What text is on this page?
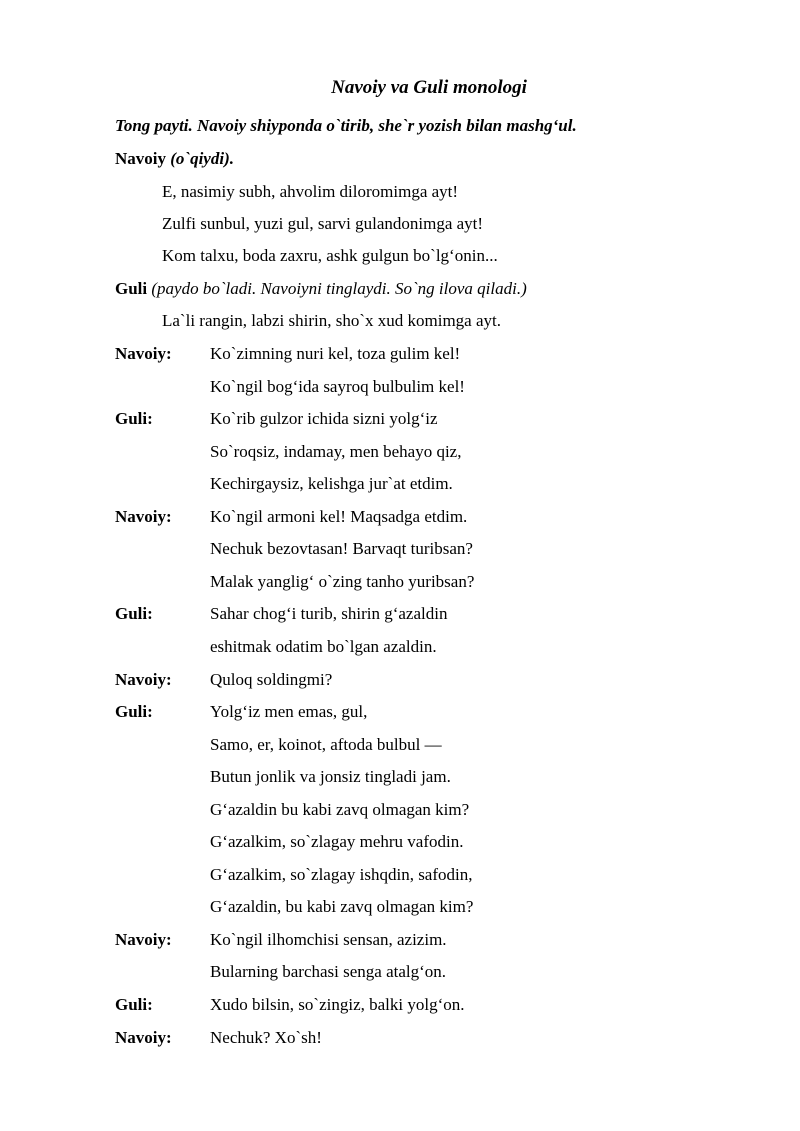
Navoiy va Guli monologi
Tong payti. Navoiy shiyponda o`tirib, she`r yozish bilan mashg‘ul.
Navoiy (o`qiydi).
E, nasimiy subh, ahvolim diloromimga ayt!
Zulfi sunbul, yuzi gul, sarvi gulandonimga ayt!
Kom talxu, boda zaxru, ashk gulgun bo`lg‘onin...
Guli (paydo bo`ladi. Navoiyni tinglaydi. So`ng ilova qiladi.)
La`li rangin, labzi shirin, sho`x xud komimga ayt.
Navoiy: Ko`zimning nuri kel, toza gulim kel!
Ko`ngil bog‘ida sayroq bulbulim kel!
Guli:	Ko`rib gulzor ichida sizni yolg‘iz
So`roqsiz, indamay, men behayo qiz,
Kechirgaysiz, kelishga jur`at etdim.
Navoiy: Ko`ngil armoni kel! Maqsadga etdim.
Nechuk bezovtasan! Barvaqt turibsan?
Malak yanglig‘ o`zing tanho yuribsan?
Guli:	Sahar chog‘i turib, shirin g‘azaldin
eshitmak odatim bo`lgan azaldin.
Navoiy: Quloq soldingmi?
Guli:	Yolg‘iz men emas, gul,
Samo, er, koinot, aftoda bulbul —
Butun jonlik va jonsiz tingladi jam.
G‘azaldin bu kabi zavq olmagan kim?
G‘azalkim, so`zlagay mehru vafodin.
G‘azalkim, so`zlagay ishqdin, safodin,
G‘azaldin, bu kabi zavq olmagan kim?
Navoiy: Ko`ngil ilhomchisi sensan, azizim.
Bularning barchasi senga atalg‘on.
Guli:	Xudo bilsin, so`zingiz, balki yolg‘on.
Navoiy: Nechuk? Xo`sh!
